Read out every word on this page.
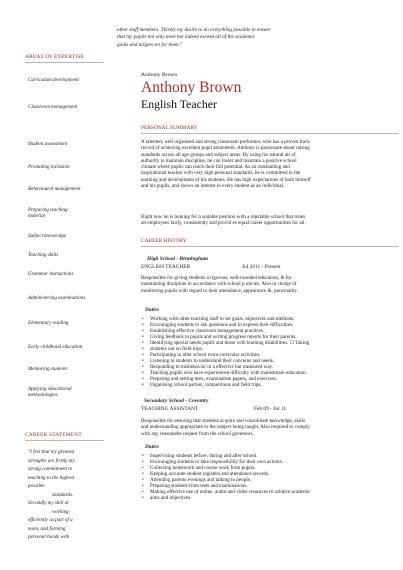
AREAS OF EXPERTISE
Curriculum development
Classroom management
Student assessment
Promoting inclusion
Behavioural management
Preparing teaching material
Subject knowledge
Teaching skills
Grammar instructions
Administering examinations
Elementary reading
Early childhood education
Mentoring students
Applying educational methodologies
CAREER STATEMENT
"I feel that my greatest
strengths are firstly my
strong commitment to
teaching to the highest
possible
standards.
Secondly my skill at
working
efficiently as part of a
team, and forming
personal bonds with
other staff members. Thirdly my desire to do everything possible to ensure
that my pupils not only meet but indeed exceed all of the academic
goals and targets set for them."
Anthony Brown
Anthony Brown
English Teacher
PERSONAL SUMMARY
A talented, well organised and strong classroom performer, who has a proven track
record of achieving excellent pupil attainment. Anthony is passionate about raising
standards across all age groups and subject areas. By using his natural air of
authority to maintain discipline, he can foster and maintain a positive school
climate where pupils can reach their full potential. As an outstanding and
inspirational teacher with very high personal standards, he is committed to the
learning and development of his students. He has high expectations of both himself
and his pupils, and shows an interest in every student as an individual.
Right now he is looking for a suitable position with a reputable school that treats
all employees fairly, consistently and provid es equal career opportunities for all.
CAREER HISTORY
High School - Birmingham
ENGLISH TEACHER	Jul 2011 - Present
Responsible for giving students a rigorous, well-rounded education, & for
maintaining discipline in accordance with school p olicies. Also in charge of
monitoring pupils with regard to their attendance, appearance &, punctuality.
Duties
• Working with other teaching staff to set goals, objectives and methods.
• Encouraging students to ask questions and to express their difficulties.
• Establishing effective classroom management practices.
• Giving feedback to pupils and writing progress reports for their parents.
• Identifying special needs pupils and those with learning disabilities. ☐ Taking
• students out on field trips.
• Participating in after school extra-curricular activities.
• Listening to students to understand their concerns and needs.
• Responding to misbehavior in a effective but measured way.
• Teaching pupils who have experienced difficulty with mainstream education.
• Preparing and setting tests, examination papers, and exercises.
• Organising school parties, competitions and field trips.
Secondary School - Coventry
TEACHING ASSISTANT	Feb 09 - Jul 11
Responsible for ensuring that students acquire and consolidate knowledge, skills
and understanding appropriate to the subject being taught. Also required to comply
with any reasonable request from the school governors.
Duties
• Supervising students before, during and after school.
• Encouraging students to take responsibility for their own actions.
• Collecting homework and course work from pupils.
• Keeping accurate student registers and attendance records.
• Attending parents evenings and talking to people.
• Preparing students from tests and examinations.
• Making effective use of online, audio and video resources to achieve academic
• aims and objectives.
